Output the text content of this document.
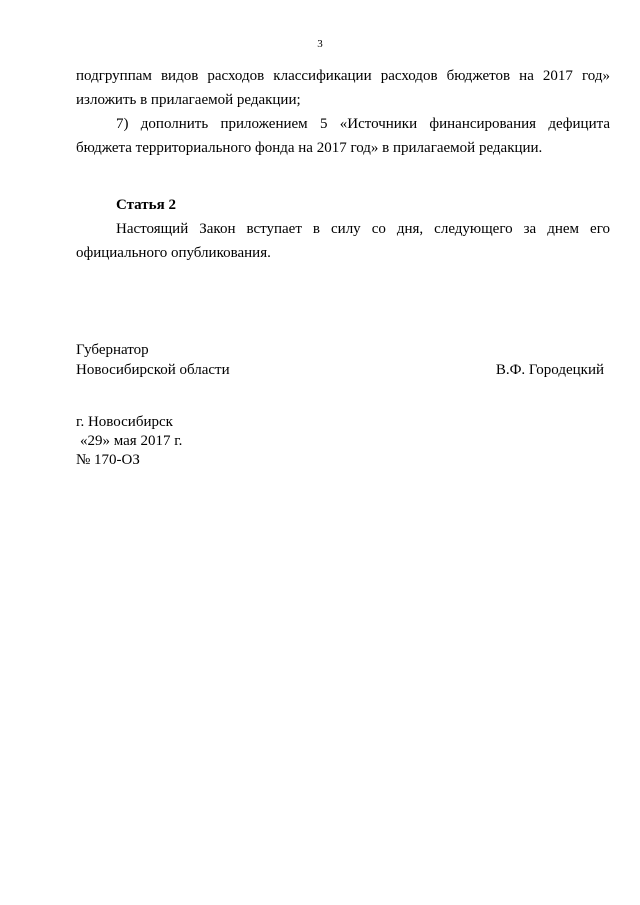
3
подгруппам видов расходов классификации расходов бюджетов на 2017 год» изложить в прилагаемой редакции;
7) дополнить приложением 5 «Источники финансирования дефицита бюджета территориального фонда на 2017 год» в прилагаемой редакции.
Статья 2
Настоящий Закон вступает в силу со дня, следующего за днем его официального опубликования.
Губернатор
Новосибирской области	В.Ф. Городецкий
г. Новосибирск
«29» мая 2017 г.
№ 170-ОЗ
